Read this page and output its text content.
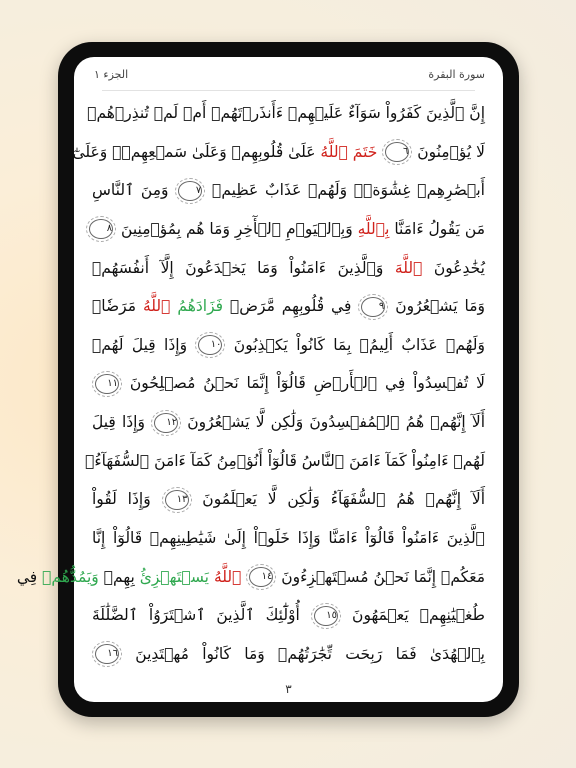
سورة البقرة
الجزء ١
إِنَّ ٱلَّذِينَ كَفَرُواْ سَوَآءٌ عَلَيۡهِمۡ ءَأَنذَرۡتَهُمۡ أَمۡ لَمۡ تُنذِرۡهُمۡ
لَا يُؤۡمِنُونَ ٦ خَتَمَ ٱللَّهُ عَلَىٰ قُلُوبِهِمۡ وَعَلَىٰ سَمۡعِهِمۡۖ وَعَلَىٰٓ
أَبۡصَٰرِهِمۡ غِشَٰوَةٞۖ وَلَهُمۡ عَذَابٌ عَظِيمٞ ٧ وَمِنَ ٱلنَّاسِ
مَن يَقُولُ ءَامَنَّا بِٱللَّهِ وَبِٱلۡيَوۡمِ ٱلۡأٓخِرِ وَمَا هُم بِمُؤۡمِنِينَ ٨
يُخَٰدِعُونَ ٱللَّهَ وَٱلَّذِينَ ءَامَنُواْ وَمَا يَخۡدَعُونَ إِلَّآ أَنفُسَهُمۡ
وَمَا يَشۡعُرُونَ ٩ فِي قُلُوبِهِم مَّرَضٞ فَزَادَهُمُ ٱللَّهُ مَرَضٗاۖ
وَلَهُمۡ عَذَابٌ أَلِيمُۢ بِمَا كَانُواْ يَكۡذِبُونَ ١٠ وَإِذَا قِيلَ لَهُمۡ
لَا تُفۡسِدُواْ فِي ٱلۡأَرۡضِ قَالُوٓاْ إِنَّمَا نَحۡنُ مُصۡلِحُونَ ١١
أَلَآ إِنَّهُمۡ هُمُ ٱلۡمُفۡسِدُونَ وَلَٰكِن لَّا يَشۡعُرُونَ ١٢ وَإِذَا قِيلَ
لَهُمۡ ءَامِنُواْ كَمَآ ءَامَنَ ٱلنَّاسُ قَالُوٓاْ أَنُؤۡمِنُ كَمَآ ءَامَنَ ٱلسُّفَهَآءُۗ
أَلَآ إِنَّهُمۡ هُمُ ٱلسُّفَهَآءُ وَلَٰكِن لَّا يَعۡلَمُونَ ١٣ وَإِذَا لَقُواْ
ٱلَّذِينَ ءَامَنُواْ قَالُوٓاْ ءَامَنَّا وَإِذَا خَلَوۡاْ إِلَىٰ شَيَٰطِينِهِمۡ قَالُوٓاْ إِنَّا
مَعَكُمۡ إِنَّمَا نَحۡنُ مُسۡتَهۡزِءُونَ ١٤ ٱللَّهُ يَسۡتَهۡزِئُ بِهِمۡ وَيَمُدُّهُمۡ فِي
طُغۡيَٰنِهِمۡ يَعۡمَهُونَ ١٥ أُوْلَٰٓئِكَ ٱلَّذِينَ ٱشۡتَرَوُاْ ٱلضَّلَٰلَةَ
بِٱلۡهُدَىٰ فَمَا رَبِحَت تِّجَٰرَتُهُمۡ وَمَا كَانُواْ مُهۡتَدِينَ ١٦
٣
